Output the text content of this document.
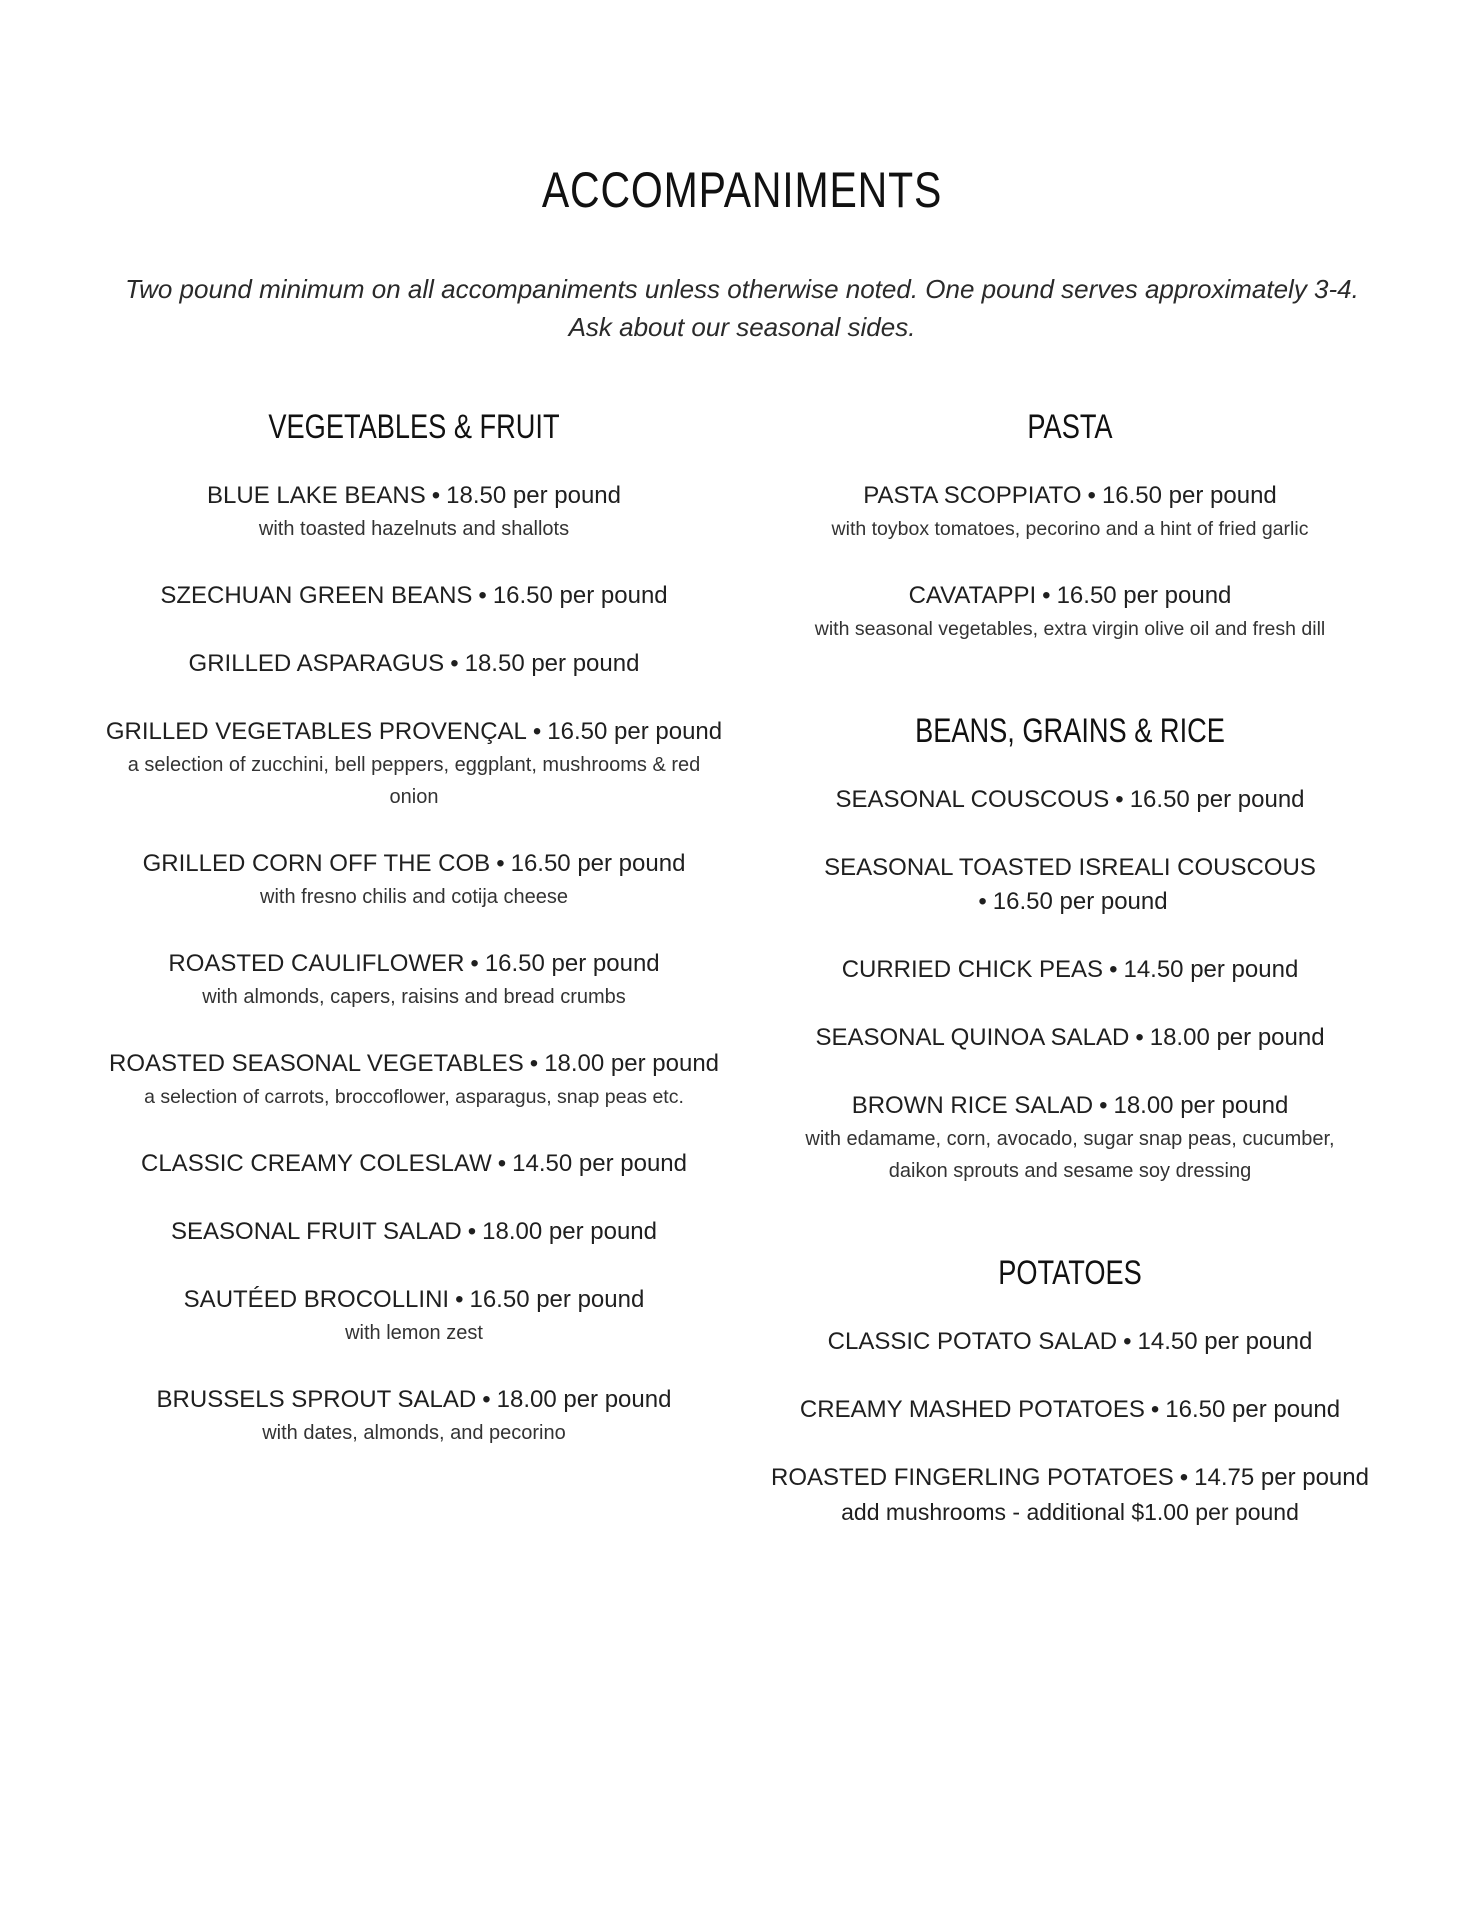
ACCOMPANIMENTS
Two pound minimum on all accompaniments unless otherwise noted. One pound serves approximately 3-4.
Ask about our seasonal sides.
VEGETABLES & FRUIT
BLUE LAKE BEANS • 18.50 per pound
with toasted hazelnuts and shallots
SZECHUAN GREEN BEANS • 16.50 per pound
GRILLED ASPARAGUS • 18.50 per pound
GRILLED VEGETABLES PROVENÇAL • 16.50 per pound
a selection of zucchini, bell peppers, eggplant, mushrooms & red onion
GRILLED CORN OFF THE COB • 16.50 per pound
with fresno chilis and cotija cheese
ROASTED CAULIFLOWER • 16.50 per pound
with almonds, capers, raisins and bread crumbs
ROASTED SEASONAL VEGETABLES • 18.00 per pound
a selection of carrots, broccoflower, asparagus, snap peas etc.
CLASSIC CREAMY COLESLAW • 14.50 per pound
SEASONAL FRUIT SALAD • 18.00 per pound
SAUTÉED BROCOLLINI • 16.50 per pound
with lemon zest
BRUSSELS SPROUT SALAD • 18.00 per pound
with dates, almonds, and pecorino
PASTA
PASTA SCOPPIATO • 16.50 per pound
with toybox tomatoes, pecorino and a hint of fried garlic
CAVATAPPI • 16.50 per pound
with seasonal vegetables, extra virgin olive oil and fresh dill
BEANS, GRAINS & RICE
SEASONAL COUSCOUS • 16.50 per pound
SEASONAL TOASTED ISREALI COUSCOUS
• 16.50 per pound
CURRIED CHICK PEAS • 14.50 per pound
SEASONAL QUINOA SALAD • 18.00 per pound
BROWN RICE SALAD • 18.00 per pound
with edamame, corn, avocado, sugar snap peas, cucumber, daikon sprouts and sesame soy dressing
POTATOES
CLASSIC POTATO SALAD • 14.50 per pound
CREAMY MASHED POTATOES • 16.50 per pound
ROASTED FINGERLING POTATOES • 14.75 per pound
add mushrooms - additional $1.00 per pound
